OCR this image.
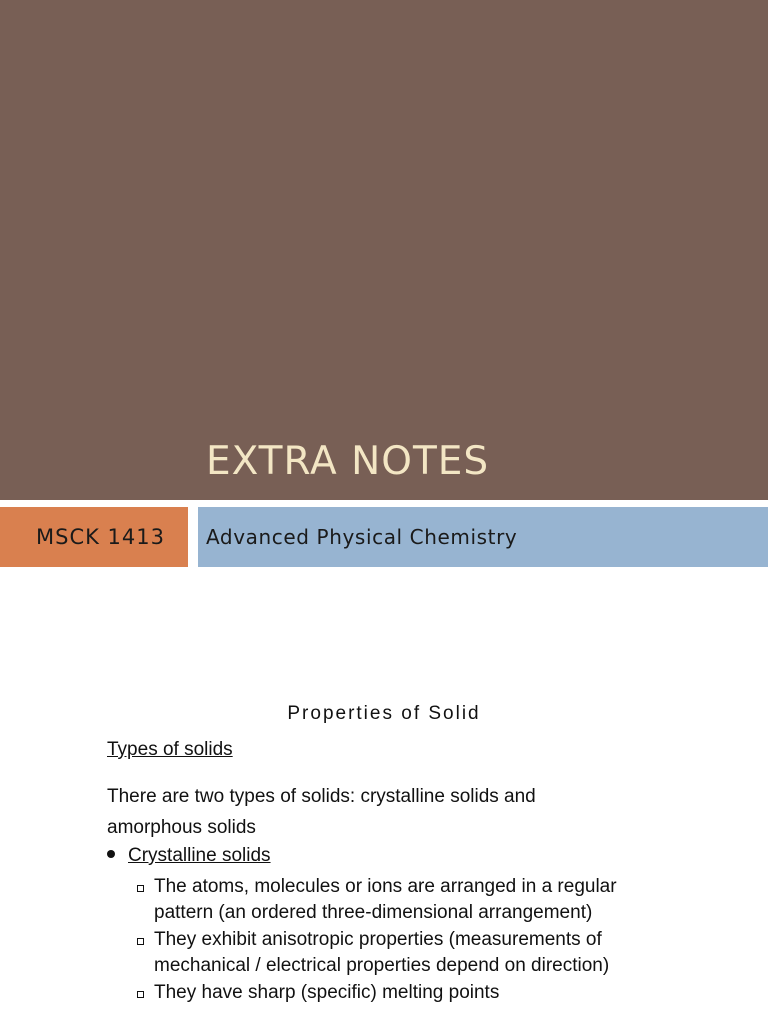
EXTRA NOTES
MSCK 1413 Advanced Physical Chemistry
Properties of Solid
Types of solids
There are two types of solids: crystalline solids and
amorphous solids
Crystalline solids
The atoms, molecules or ions are arranged in a regular
pattern (an ordered three-dimensional arrangement)
They exhibit anisotropic properties (measurements of
mechanical / electrical properties depend on direction)
They have sharp (specific) melting points
